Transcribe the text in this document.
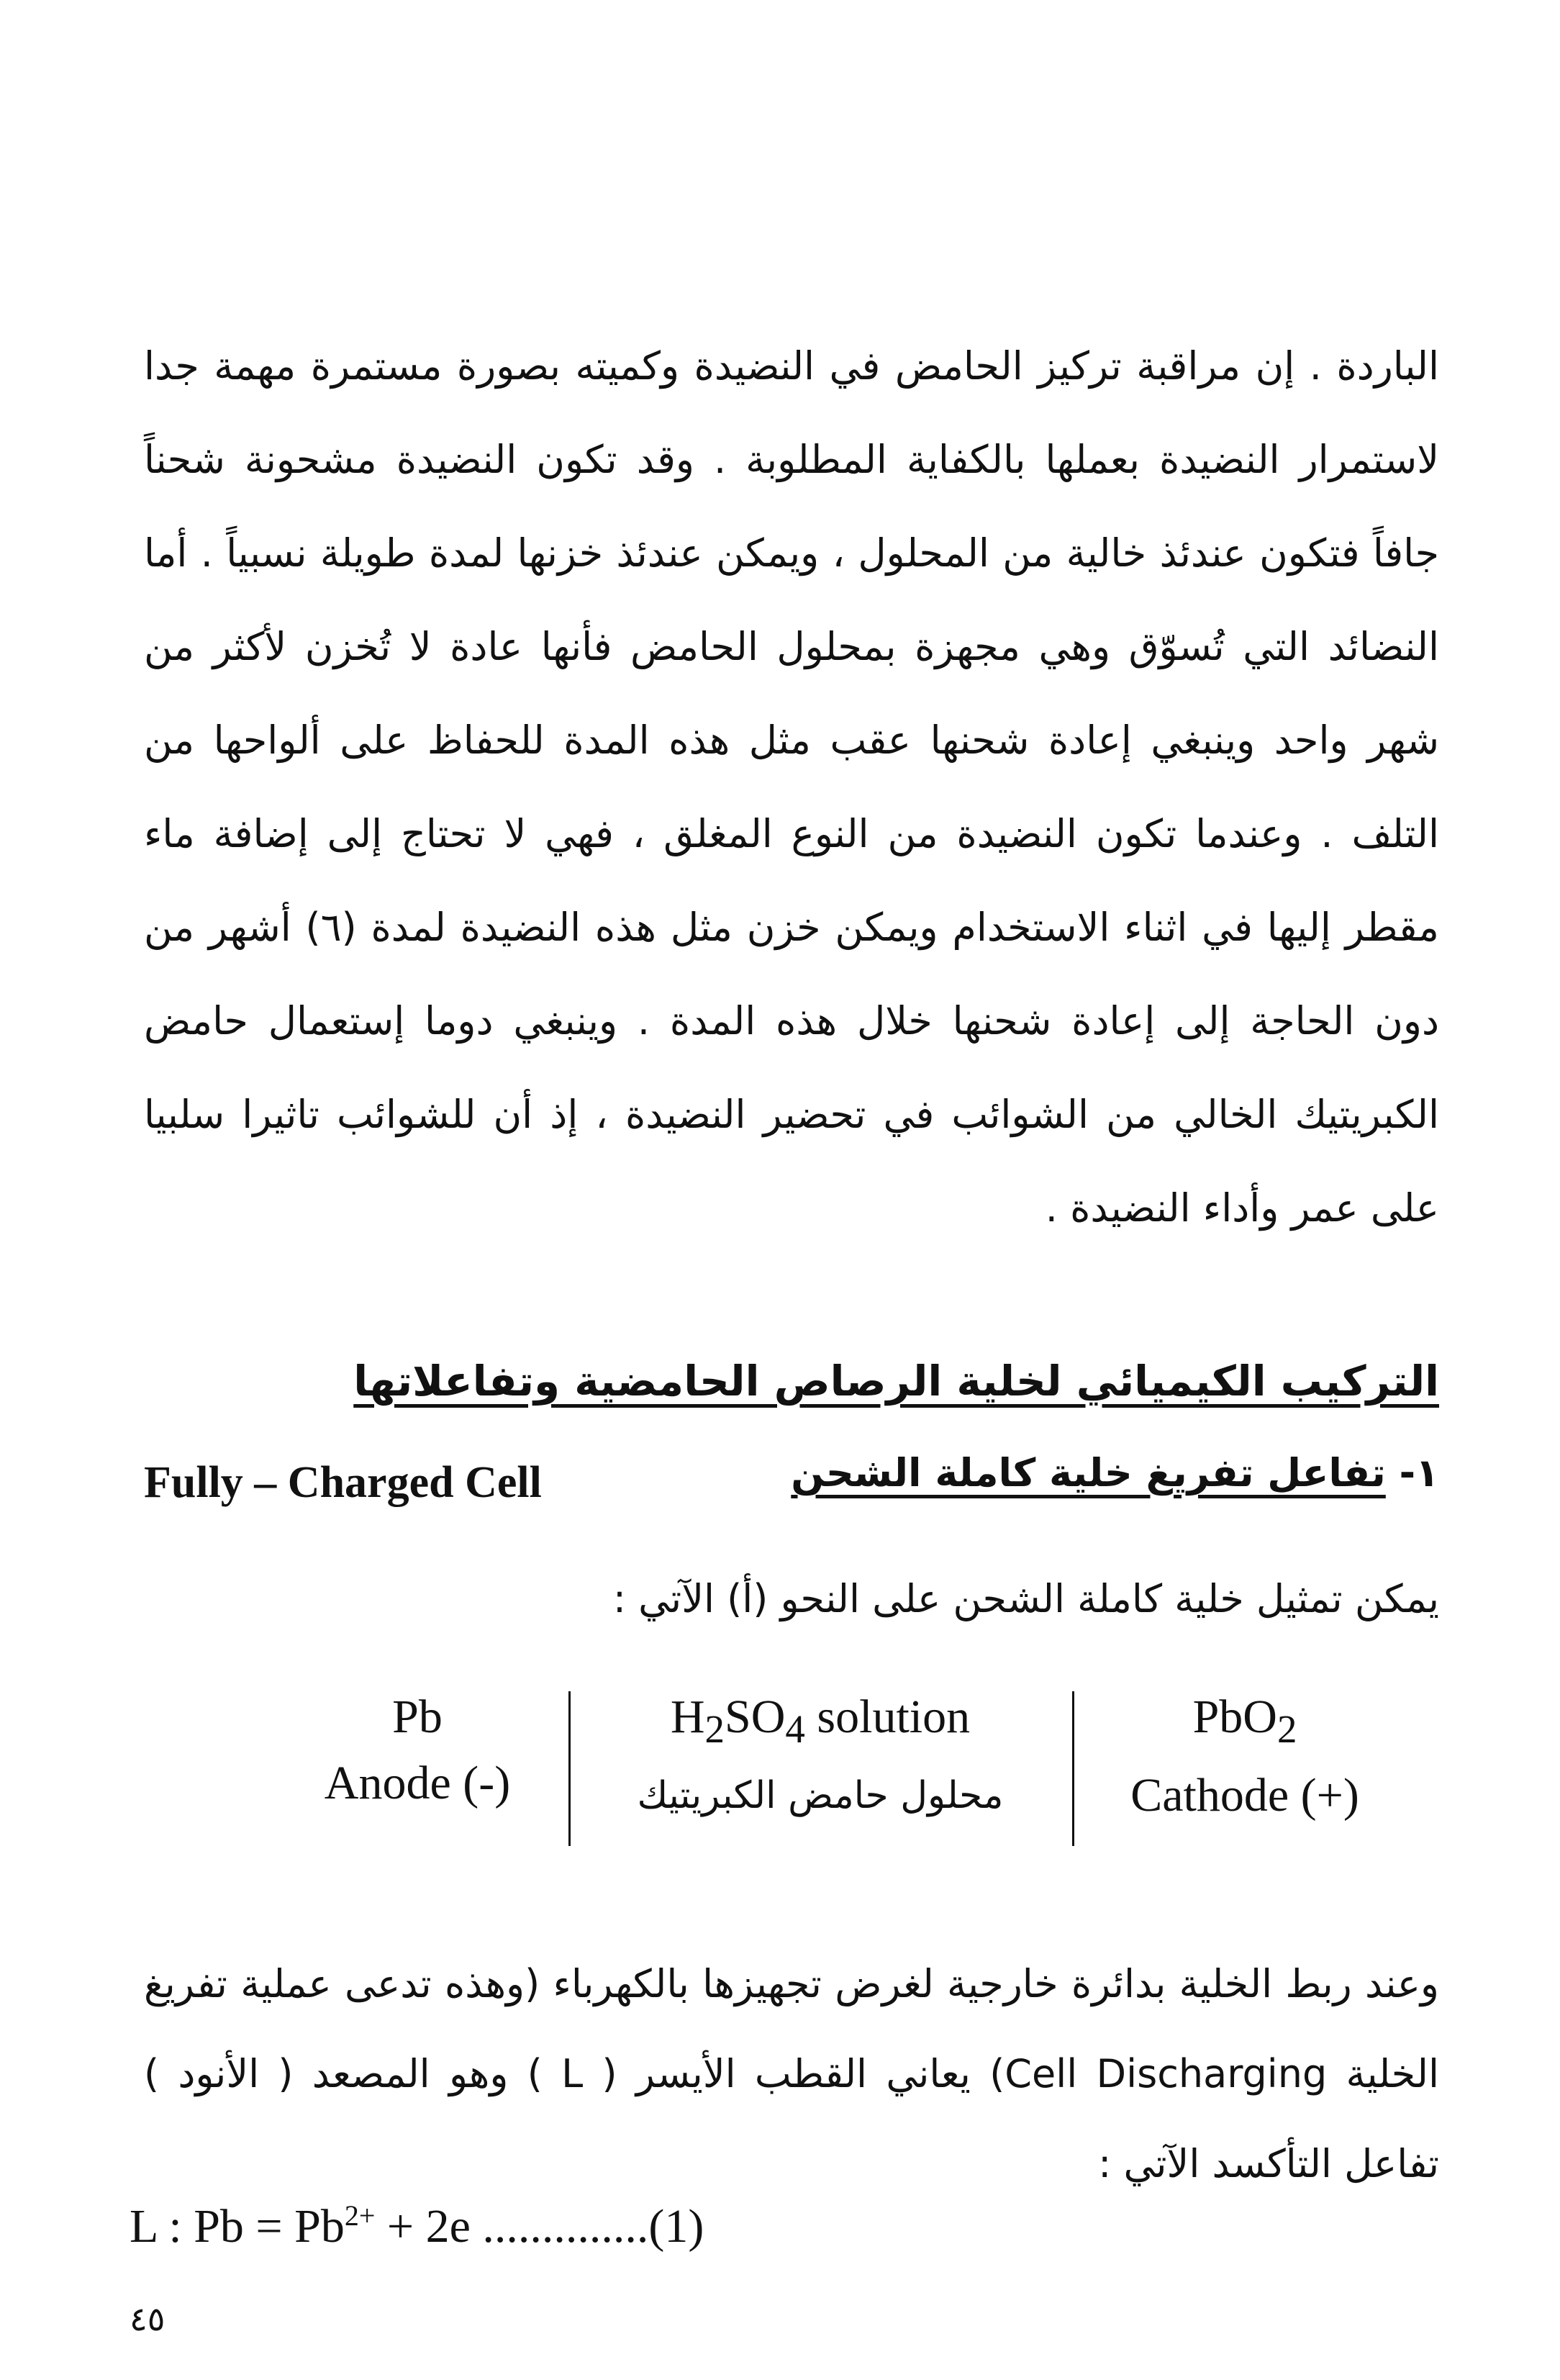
الباردة . إن مراقبة تركيز الحامض في النضيدة وكميته بصورة مستمرة مهمة جدا لاستمرار النضيدة بعملها بالكفاية المطلوبة . وقد تكون النضيدة مشحونة شحناً جافاً فتكون عندئذ خالية من المحلول ، ويمكن عندئذ خزنها لمدة طويلة نسبياً . أما النضائد التي تُسوّق وهي مجهزة بمحلول الحامض فأنها عادة لا تُخزن لأكثر من شهر واحد وينبغي إعادة شحنها عقب مثل هذه المدة للحفاظ على ألواحها من التلف . وعندما تكون النضيدة من النوع المغلق ، فهي لا تحتاج إلى إضافة ماء مقطر إليها في اثناء الاستخدام ويمكن خزن مثل هذه النضيدة لمدة (٦) أشهر من دون الحاجة إلى إعادة شحنها خلال هذه المدة . وينبغي دوما إستعمال حامض الكبريتيك الخالي من الشوائب في تحضير النضيدة ، إذ أن للشوائب تاثيرا سلبيا على عمر وأداء النضيدة .

التركيب الكيميائي لخلية الرصاص الحامضية وتفاعلاتها
١- تفاعل تفريغ خلية كاملة الشحن
Fully – Charged Cell
يمكن تمثيل خلية كاملة الشحن على النحو (أ) الآتي :
PbO$_2$
Cathode (+)
$H_2SO_4$ solution
محلول حامض الكبريتيك
Pb
Anode (-)

وعند ربط الخلية بدائرة خارجية لغرض تجهيزها بالكهرباء (وهذه تدعى عملية تفريغ الخلية Cell Discharging) يعاني القطب الأيسر ( L ) وهو المصعد ( الأنود ) تفاعل التأكسد الآتي :

L : $Pb = Pb^{2+} + 2e$ ..............(1)
٤٥
